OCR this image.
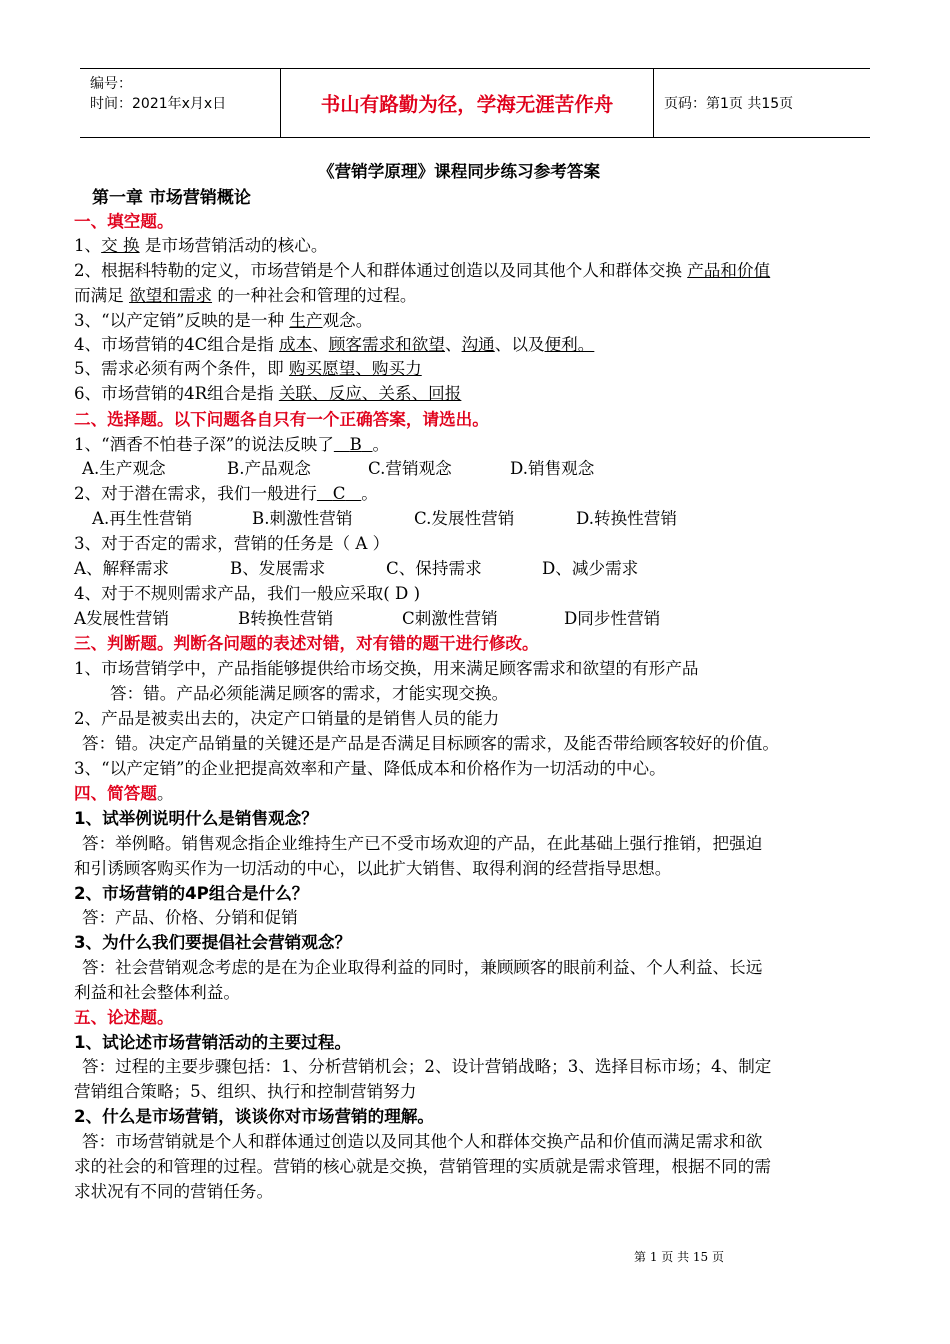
编号：
时间：2021年x月x日	书山有路勤为径，学海无涯苦作舟	页码：第1页 共15页
《营销学原理》课程同步练习参考答案
第一章 市场营销概论
一、填空题。
1、交 换 是市场营销活动的核心。
2、根据科特勒的定义，市场营销是个人和群体通过创造以及同其他个人和群体交换 产品和价值
而满足 欲望和需求 的一种社会和管理的过程。
3、“以产定销”反映的是一种 生产观念。
4、市场营销的4C组合是指 成本、顾客需求和欲望、沟通、以及便利。
5、需求必须有两个条件，即 购买愿望、购买力
6、市场营销的4R组合是指 关联、反应、关系、回报
二、选择题。以下问题各自只有一个正确答案，请选出。
1、“酒香不怕巷子深”的说法反映了 B 。
A.生产观念	B.产品观念	C.营销观念	D.销售观念
2、对于潜在需求，我们一般进行 C 。
A.再生性营销	B.刺激性营销	C.发展性营销	D.转换性营销
3、对于否定的需求，营销的任务是（ A ）
A、解释需求	B、发展需求	C、保持需求	D、减少需求
4、对于不规则需求产品，我们一般应采取( D )
A发展性营销	B转换性营销	C刺激性营销	D同步性营销
三、判断题。判断各问题的表述对错，对有错的题干进行修改。
1、市场营销学中，产品指能够提供给市场交换，用来满足顾客需求和欲望的有形产品
答：错。产品必须能满足顾客的需求，才能实现交换。
2、产品是被卖出去的，决定产口销量的是销售人员的能力
答：错。决定产品销量的关键还是产品是否满足目标顾客的需求，及能否带给顾客较好的价值。
3、“以产定销”的企业把提高效率和产量、降低成本和价格作为一切活动的中心。
四、简答题。
1、试举例说明什么是销售观念？
答：举例略。销售观念指企业维持生产已不受市场欢迎的产品，在此基础上强行推销，把强迫
和引诱顾客购买作为一切活动的中心，以此扩大销售、取得利润的经营指导思想。
2、市场营销的4P组合是什么？
答：产品、价格、分销和促销
3、为什么我们要提倡社会营销观念？
答：社会营销观念考虑的是在为企业取得利益的同时，兼顾顾客的眼前利益、个人利益、长远
利益和社会整体利益。
五、论述题。
1、试论述市场营销活动的主要过程。
答：过程的主要步骤包括：1、分析营销机会；2、设计营销战略；3、选择目标市场；4、制定
营销组合策略；5、组织、执行和控制营销努力
2、什么是市场营销，谈谈你对市场营销的理解。
答：市场营销就是个人和群体通过创造以及同其他个人和群体交换产品和价值而满足需求和欲
求的社会的和管理的过程。营销的核心就是交换，营销管理的实质就是需求管理，根据不同的需
求状况有不同的营销任务。
第 1 页 共 15 页
